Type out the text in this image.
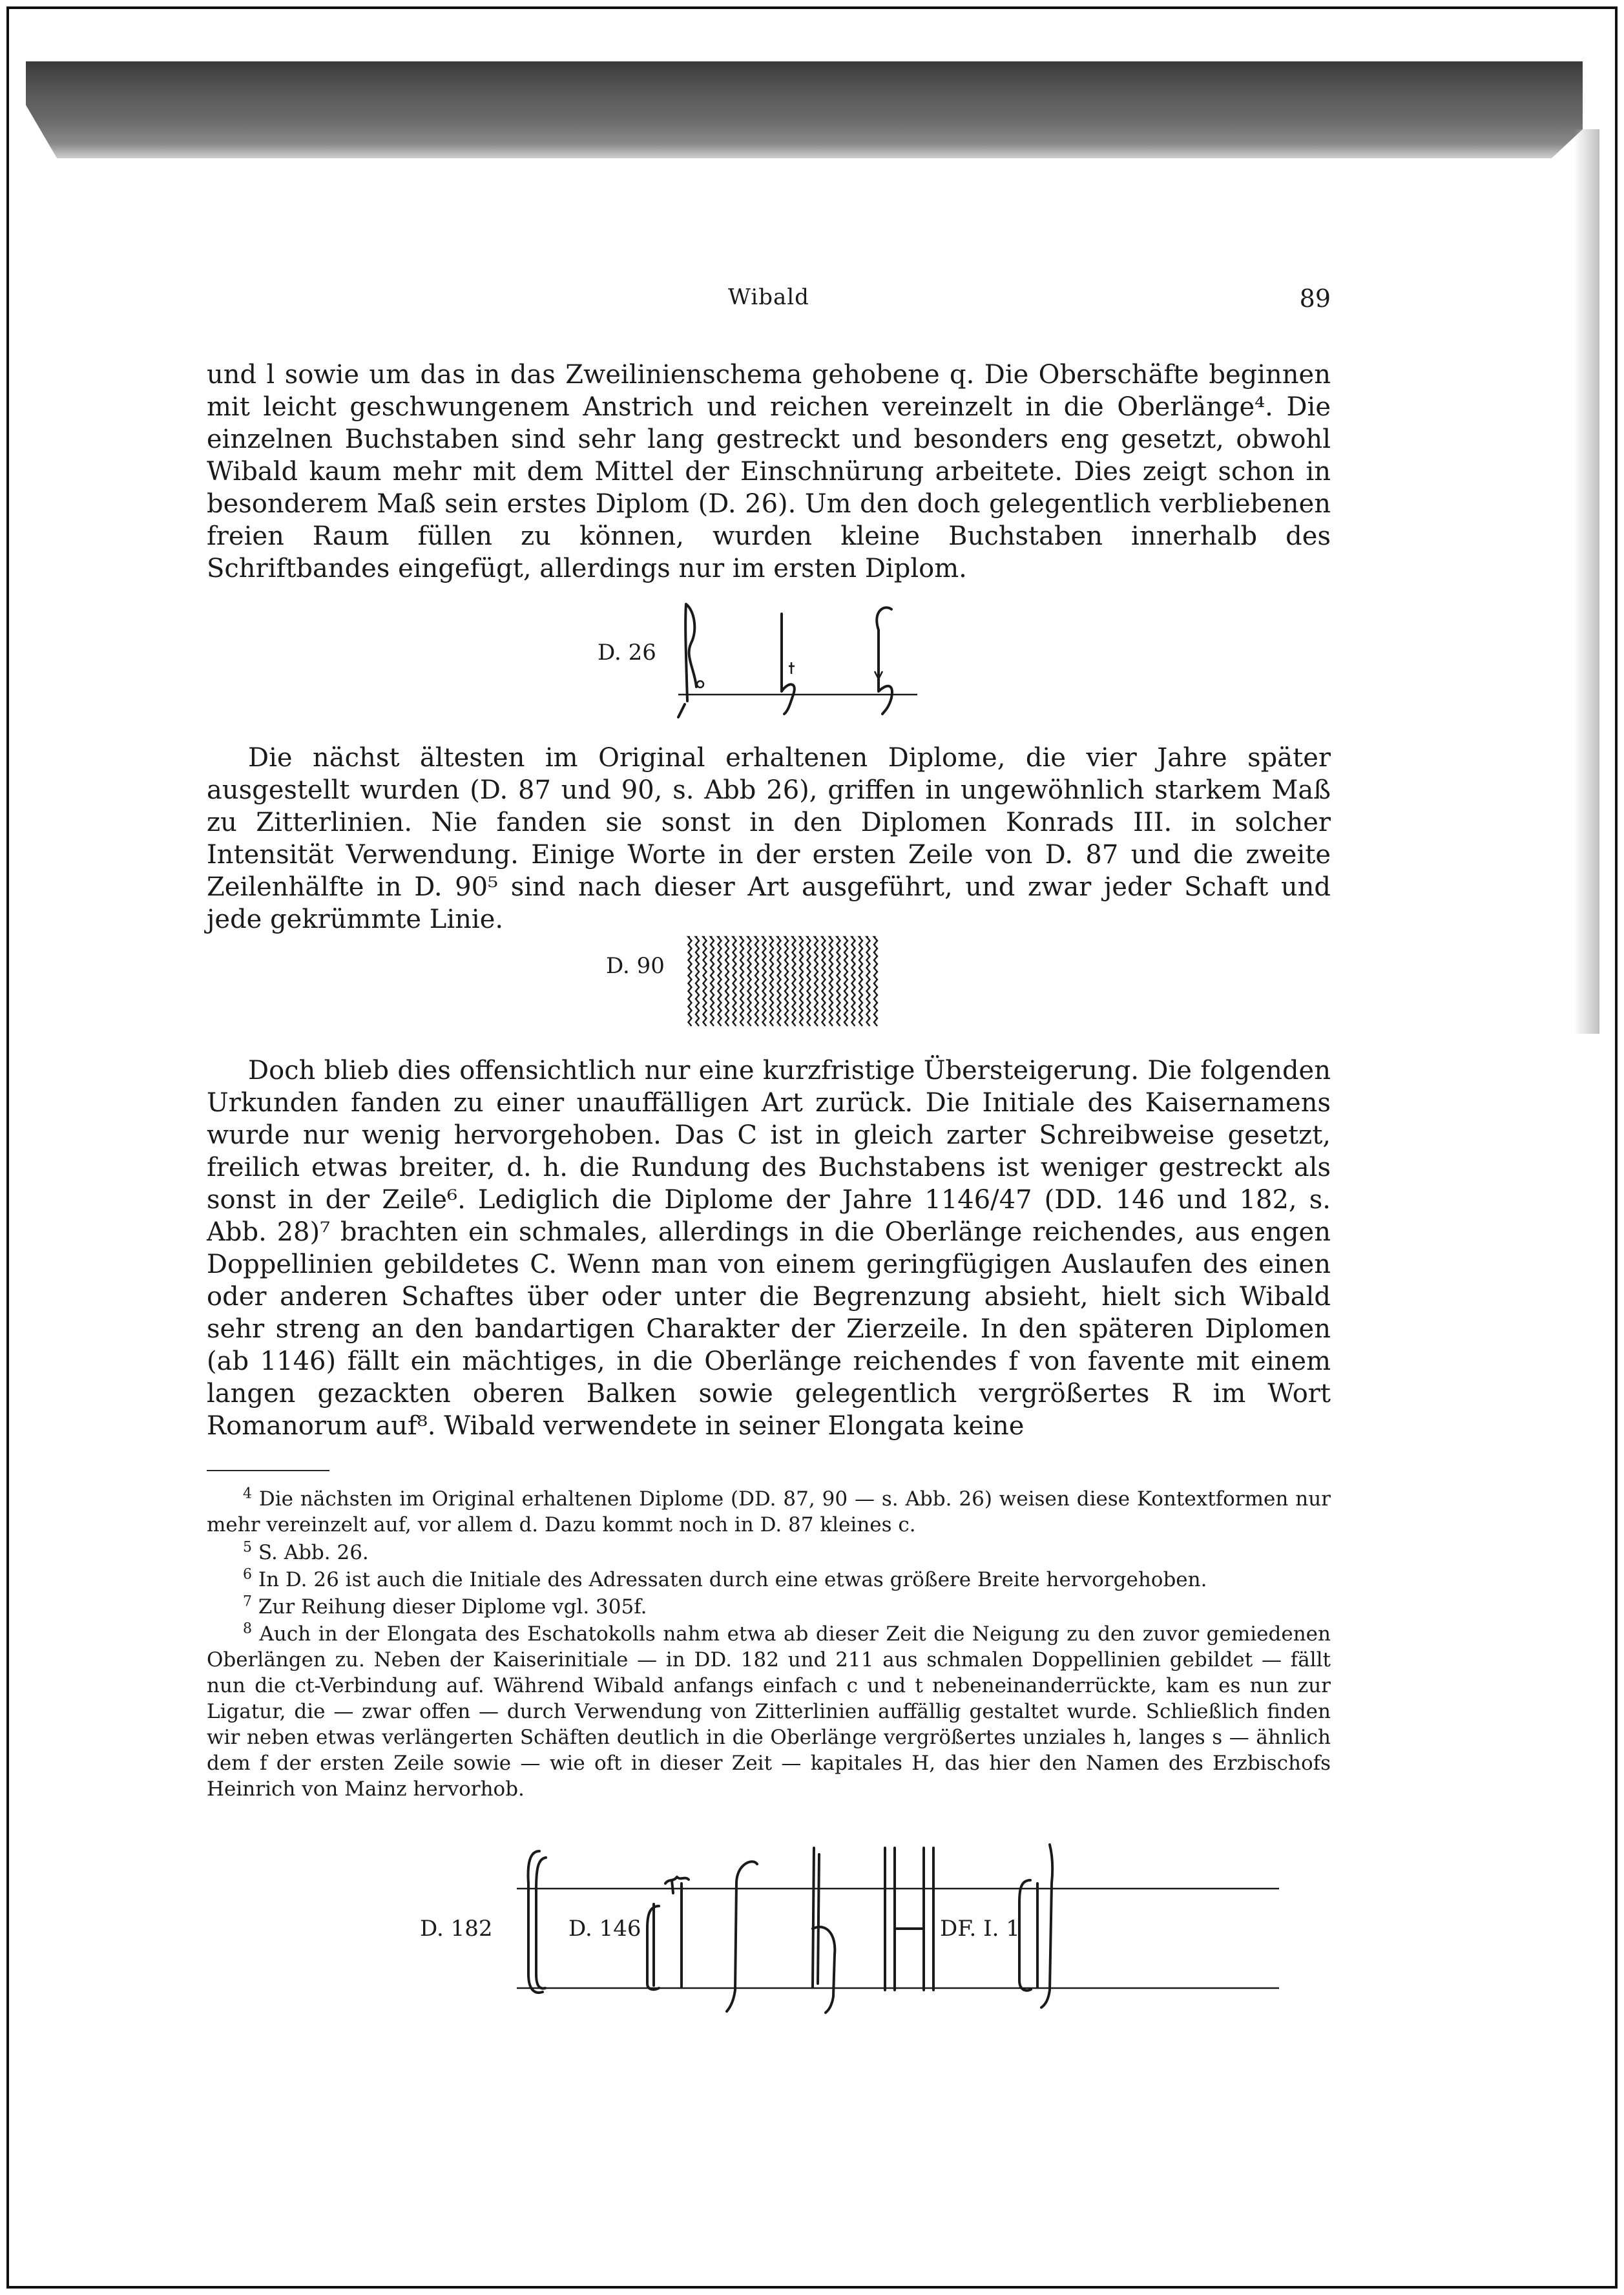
Wibald	89

und l sowie um das in das Zweilinienschema gehobene q. Die Oberschäfte beginnen mit leicht geschwungenem Anstrich und reichen vereinzelt in die Oberlänge⁴. Die einzelnen Buchstaben sind sehr lang gestreckt und besonders eng gesetzt, obwohl Wibald kaum mehr mit dem Mittel der Einschnürung arbeitete. Dies zeigt schon in besonderem Maß sein erstes Diplom (D. 26). Um den doch gelegentlich verbliebenen freien Raum füllen zu können, wurden kleine Buchstaben innerhalb des Schriftbandes eingefügt, allerdings nur im ersten Diplom.

D. 26

Die nächst ältesten im Original erhaltenen Diplome, die vier Jahre später ausgestellt wurden (D. 87 und 90, s. Abb 26), griffen in ungewöhnlich starkem Maß zu Zitterlinien. Nie fanden sie sonst in den Diplomen Konrads III. in solcher Intensität Verwendung. Einige Worte in der ersten Zeile von D. 87 und die zweite Zeilenhälfte in D. 90⁵ sind nach dieser Art ausgeführt, und zwar jeder Schaft und jede gekrümmte Linie.

D. 90

Doch blieb dies offensichtlich nur eine kurzfristige Übersteigerung. Die folgenden Urkunden fanden zu einer unauffälligen Art zurück. Die Initiale des Kaisernamens wurde nur wenig hervorgehoben. Das C ist in gleich zarter Schreibweise gesetzt, freilich etwas breiter, d. h. die Rundung des Buchstabens ist weniger gestreckt als sonst in der Zeile⁶. Lediglich die Diplome der Jahre 1146/47 (DD. 146 und 182, s. Abb. 28)⁷ brachten ein schmales, allerdings in die Oberlänge reichendes, aus engen Doppellinien gebildetes C. Wenn man von einem geringfügigen Auslaufen des einen oder anderen Schaftes über oder unter die Begrenzung absieht, hielt sich Wibald sehr streng an den bandartigen Charakter der Zierzeile. In den späteren Diplomen (ab 1146) fällt ein mächtiges, in die Oberlänge reichendes f von favente mit einem langen gezackten oberen Balken sowie gelegentlich vergrößertes R im Wort Romanorum auf⁸. Wibald verwendete in seiner Elongata keine

$^4$ Die nächsten im Original erhaltenen Diplome (DD. 87, 90 — s. Abb. 26) weisen diese Kontextformen nur mehr vereinzelt auf, vor allem d. Dazu kommt noch in D. 87 kleines c.

$^5$ S. Abb. 26.

$^6$ In D. 26 ist auch die Initiale des Adressaten durch eine etwas größere Breite hervorgehoben.

$^7$ Zur Reihung dieser Diplome vgl. 305f.

$^8$ Auch in der Elongata des Eschatokolls nahm etwa ab dieser Zeit die Neigung zu den zuvor gemiedenen Oberlängen zu. Neben der Kaiserinitiale — in DD. 182 und 211 aus schmalen Doppellinien gebildet — fällt nun die ct-Verbindung auf. Während Wibald anfangs einfach c und t nebeneinanderrückte, kam es nun zur Ligatur, die — zwar offen — durch Verwendung von Zitterlinien auffällig gestaltet wurde. Schließlich finden wir neben etwas verlängerten Schäften deutlich in die Oberlänge vergrößertes unziales h, langes s — ähnlich dem f der ersten Zeile sowie — wie oft in dieser Zeit — kapitales H, das hier den Namen des Erzbischofs Heinrich von Mainz hervorhob.

D. 182	D. 146	DF. I. 1
